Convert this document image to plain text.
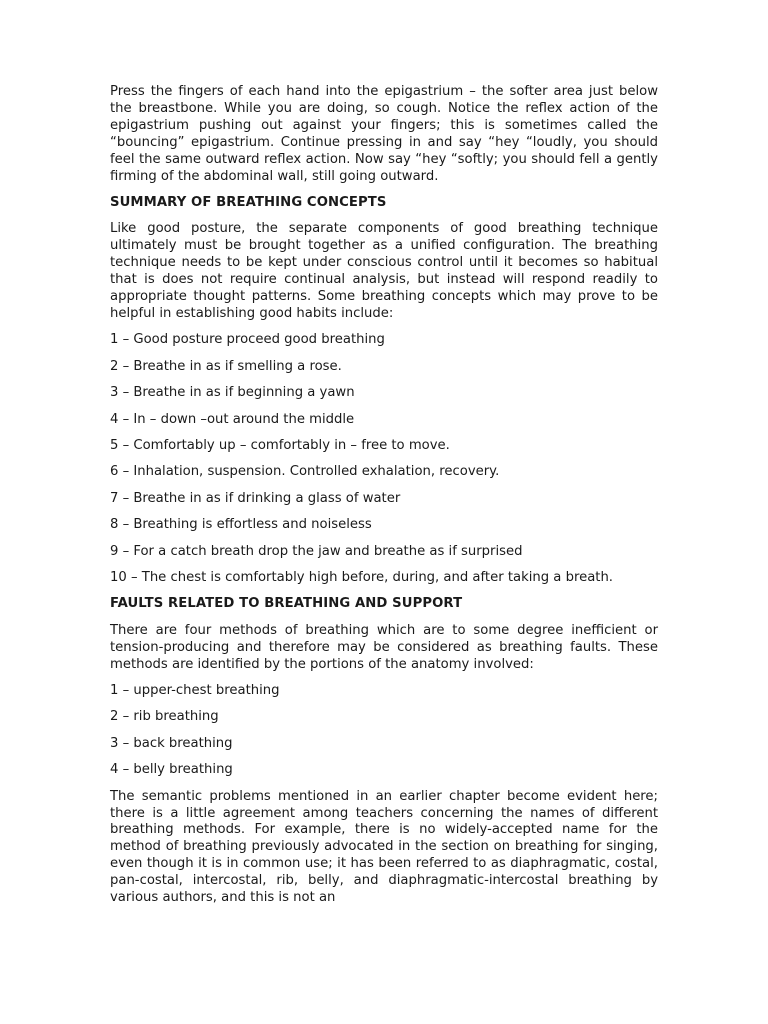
Press the fingers of each hand into the epigastrium – the softer area just below the breastbone. While you are doing, so cough. Notice the reflex action of the epigastrium pushing out against your fingers; this is sometimes called the “bouncing” epigastrium. Continue pressing in and say “hey “loudly, you should feel the same outward reflex action. Now say “hey “softly; you should fell a gently firming of the abdominal wall, still going outward.

SUMMARY OF BREATHING CONCEPTS

Like good posture, the separate components of good breathing technique ultimately must be brought together as a unified configuration. The breathing technique needs to be kept under conscious control until it becomes so habitual that is does not require continual analysis, but instead will respond readily to appropriate thought patterns. Some breathing concepts which may prove to be helpful in establishing good habits include:

1 – Good posture proceed good breathing

2 – Breathe in as if smelling a rose.

3 – Breathe in as if beginning a yawn

4 – In – down –out around the middle

5 – Comfortably up – comfortably in – free to move.

6 – Inhalation, suspension. Controlled exhalation, recovery.

7 – Breathe in as if drinking a glass of water

8 – Breathing is effortless and noiseless

9 – For a catch breath drop the jaw and breathe as if surprised

10 – The chest is comfortably high before, during, and after taking a breath.

FAULTS RELATED TO BREATHING AND SUPPORT

There are four methods of breathing which are to some degree inefficient or tension-producing and therefore may be considered as breathing faults. These methods are identified by the portions of the anatomy involved:

1 – upper-chest breathing

2 – rib breathing

3 – back breathing

4 – belly breathing

The semantic problems mentioned in an earlier chapter become evident here; there is a little agreement among teachers concerning the names of different breathing methods. For example, there is no widely-accepted name for the method of breathing previously advocated in the section on breathing for singing, even though it is in common use; it has been referred to as diaphragmatic, costal, pan-costal, intercostal, rib, belly, and diaphragmatic-intercostal breathing by various authors, and this is not an
